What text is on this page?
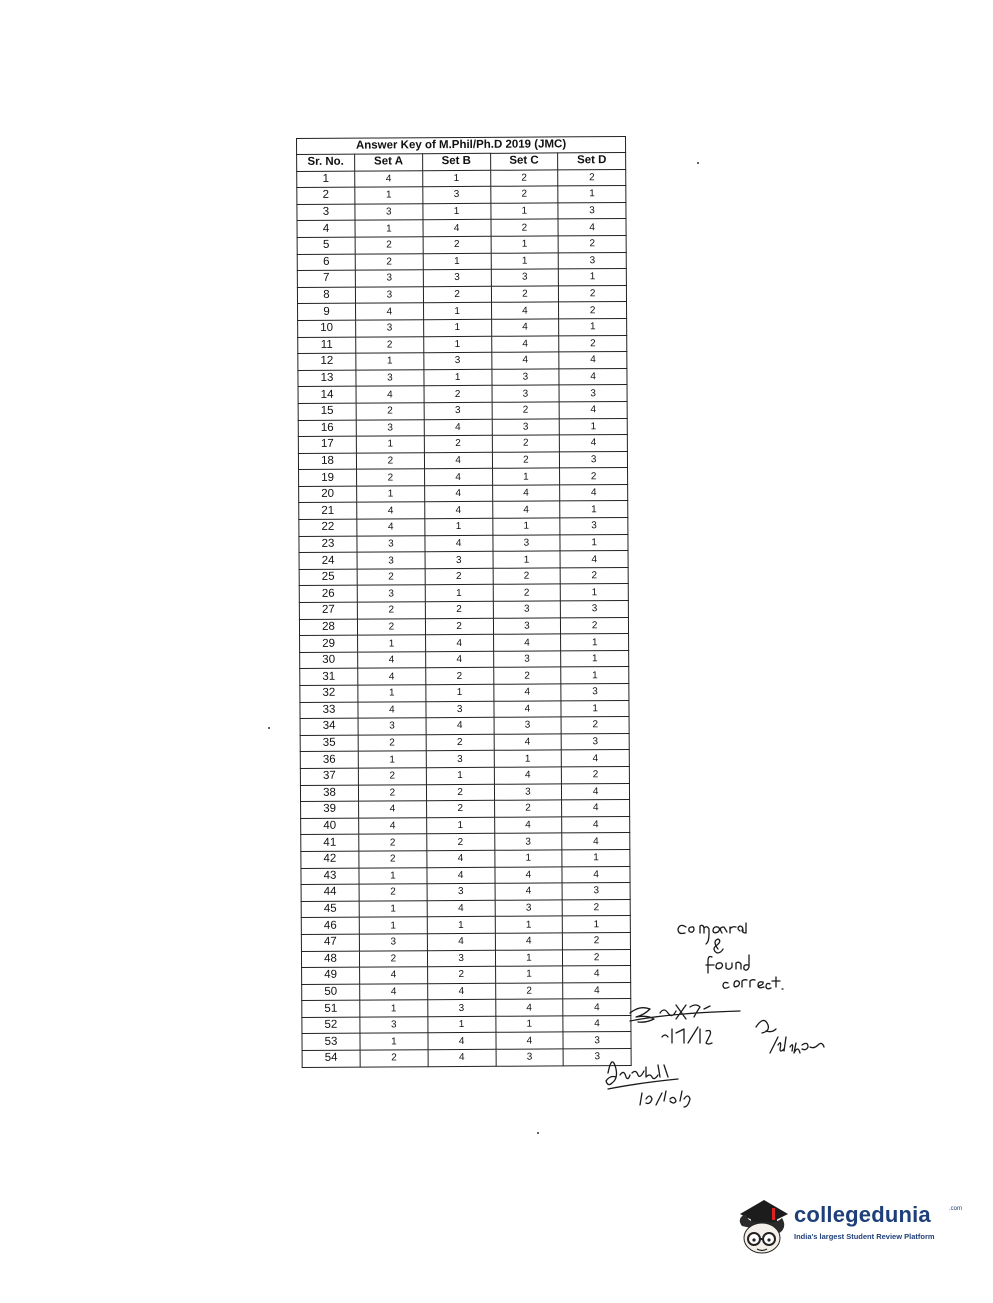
Answer Key of M.Phil/Ph.D 2019 (JMC)				
Sr. No.	Set A	Set B	Set C	Set D
1	4	1	2	2
2	1	3	2	1
3	3	1	1	3
4	1	4	2	4
5	2	2	1	2
6	2	1	1	3
7	3	3	3	1
8	3	2	2	2
9	4	1	4	2
10	3	1	4	1
11	2	1	4	2
12	1	3	4	4
13	3	1	3	4
14	4	2	3	3
15	2	3	2	4
16	3	4	3	1
17	1	2	2	4
18	2	4	2	3
19	2	4	1	2
20	1	4	4	4
21	4	4	4	1
22	4	1	1	3
23	3	4	3	1
24	3	3	1	4
25	2	2	2	2
26	3	1	2	1
27	2	2	3	3
28	2	2	3	2
29	1	4	4	1
30	4	4	3	1
31	4	2	2	1
32	1	1	4	3
33	4	3	4	1
34	3	4	3	2
35	2	2	4	3
36	1	3	1	4
37	2	1	4	2
38	2	2	3	4
39	4	2	2	4
40	4	1	4	4
41	2	2	3	4
42	2	4	1	1
43	1	4	4	4
44	2	3	4	3
45	1	4	3	2
46	1	1	1	1
47	3	4	4	2
48	2	3	1	2
49	4	2	1	4
50	4	4	2	4
51	1	3	4	4
52	3	1	1	4
53	1	4	4	3
54	2	4	3	3
collegedunia	.com
India's largest Student Review Platform
